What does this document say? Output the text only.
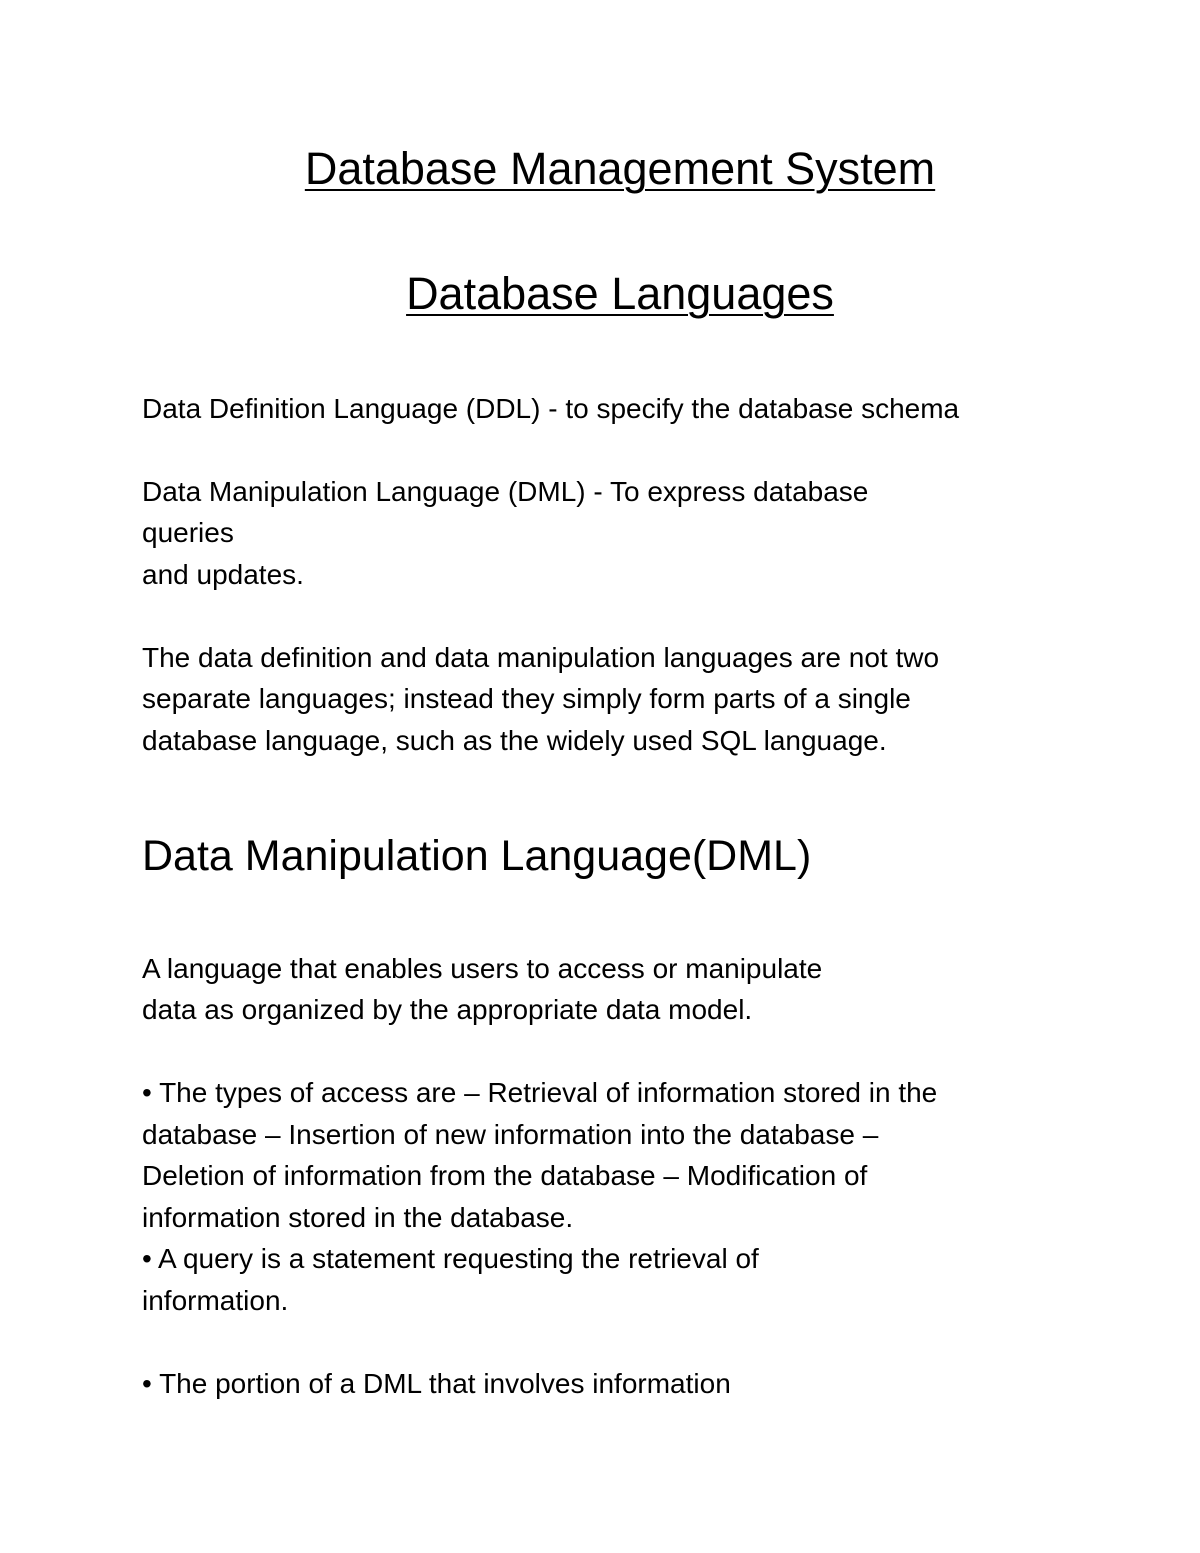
Database Management System
Database Languages

Data Definition Language (DDL) - to specify the database schema

Data Manipulation Language (DML) - To express database

queries

and updates.

The data definition and data manipulation languages are not two

separate languages; instead they simply form parts of a single

database language, such as the widely used SQL language.

Data Manipulation Language(DML)

A language that enables users to access or manipulate

data as organized by the appropriate data model.

• The types of access are – Retrieval of information stored in the

database – Insertion of new information into the database –

Deletion of information from the database – Modification of

information stored in the database.

• A query is a statement requesting the retrieval of

information.

• The portion of a DML that involves information
